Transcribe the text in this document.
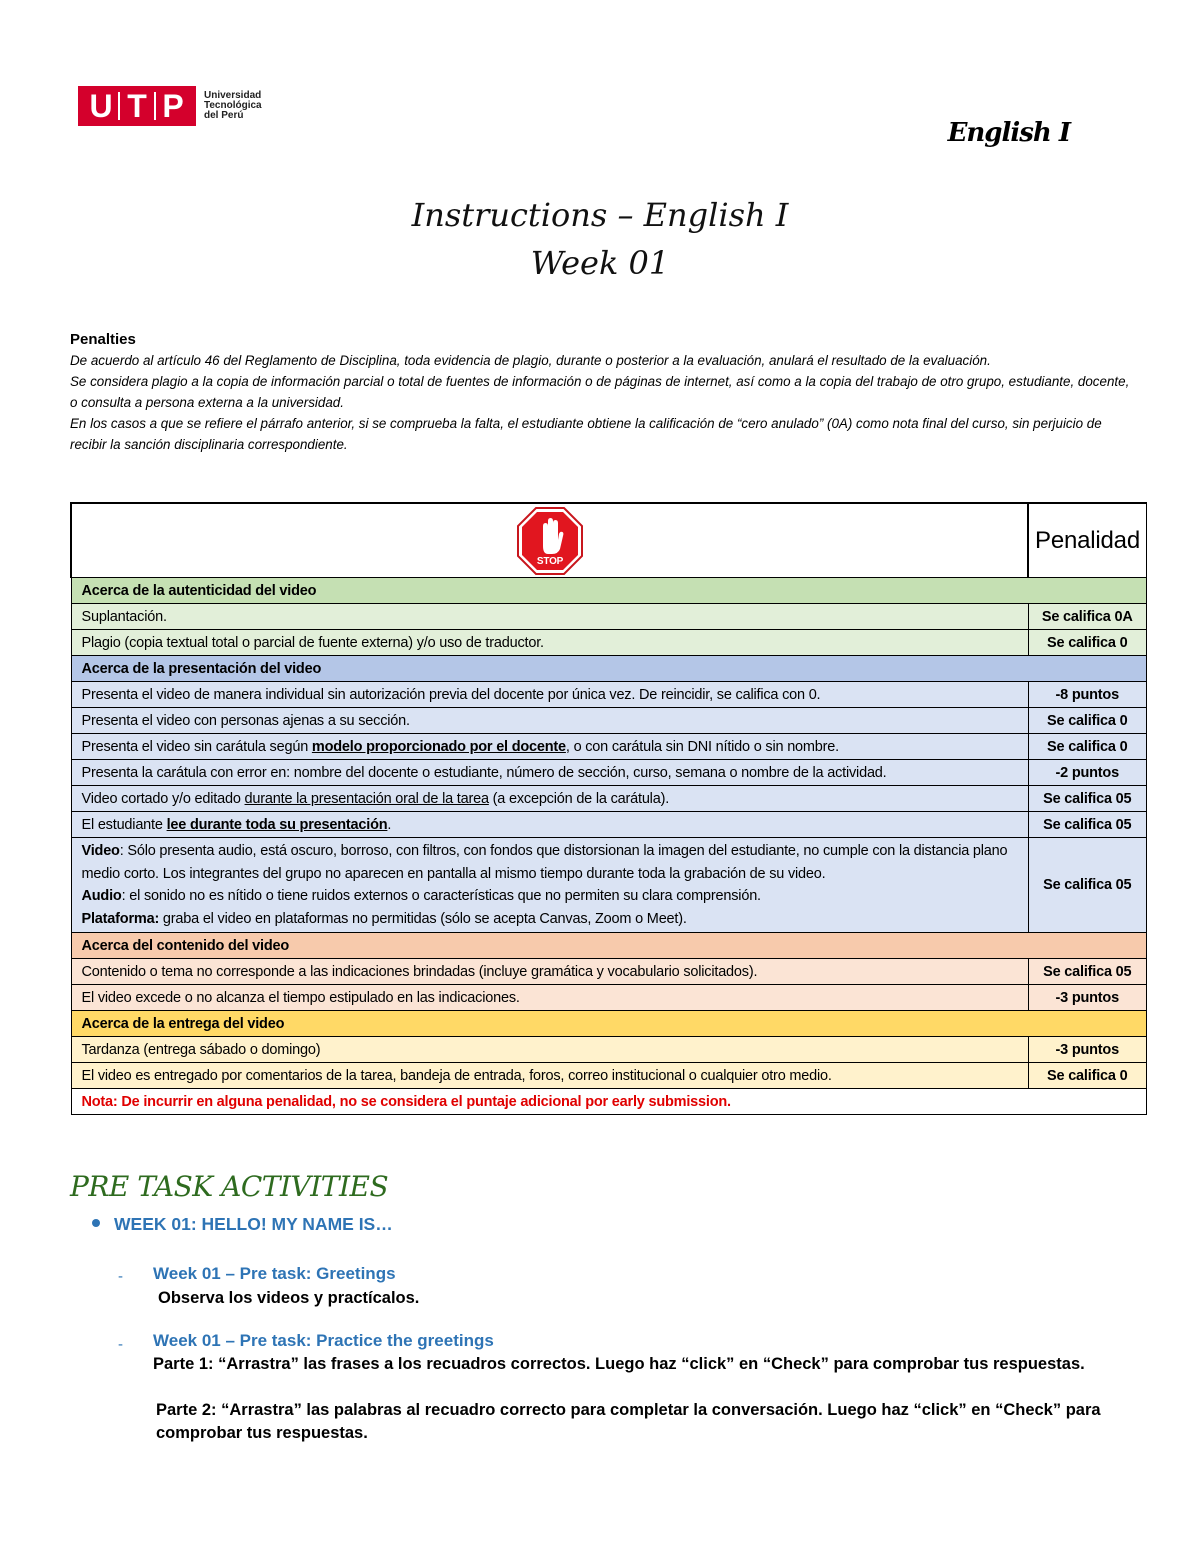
U T P	Universidad
Tecnológica
del Perú
English I
Instructions – English I
Week 01
Penalties
De acuerdo al artículo 46 del Reglamento de Disciplina, toda evidencia de plagio, durante o posterior a la evaluación, anulará el resultado de la evaluación.
Se considera plagio a la copia de información parcial o total de fuentes de información o de páginas de internet, así como a la copia del trabajo de otro grupo, estudiante, docente, o consulta a persona externa a la universidad.
En los casos a que se refiere el párrafo anterior, si se comprueba la falta, el estudiante obtiene la calificación de “cero anulado” (0A) como nota final del curso, sin perjuicio de recibir la sanción disciplinaria correspondiente.
STOP	Penalidad
Acerca de la autenticidad del video	
Suplantación.	Se califica 0A
Plagio (copia textual total o parcial de fuente externa) y/o uso de traductor.	Se califica 0
Acerca de la presentación del video	
Presenta el video de manera individual sin autorización previa del docente por única vez. De reincidir, se califica con 0.	-8 puntos
Presenta el video con personas ajenas a su sección.	Se califica 0
Presenta el video sin carátula según modelo proporcionado por el docente, o con carátula sin DNI nítido o sin nombre.	Se califica 0
Presenta la carátula con error en: nombre del docente o estudiante, número de sección, curso, semana o nombre de la actividad.	-2 puntos
Video cortado y/o editado durante la presentación oral de la tarea (a excepción de la carátula).	Se califica 05
El estudiante lee durante toda su presentación.	Se califica 05
Video: Sólo presenta audio, está oscuro, borroso, con filtros, con fondos que distorsionan la imagen del estudiante, no cumple con la distancia plano medio corto. Los integrantes del grupo no aparecen en pantalla al mismo tiempo durante toda la grabación de su video.
Audio: el sonido no es nítido o tiene ruidos externos o características que no permiten su clara comprensión.
Plataforma: graba el video en plataformas no permitidas (sólo se acepta Canvas, Zoom o Meet).	Se califica 05
Acerca del contenido del video	
Contenido o tema no corresponde a las indicaciones brindadas (incluye gramática y vocabulario solicitados).	Se califica 05
El video excede o no alcanza el tiempo estipulado en las indicaciones.	-3 puntos
Acerca de la entrega del video	
Tardanza (entrega sábado o domingo)	-3 puntos
El video es entregado por comentarios de la tarea, bandeja de entrada, foros, correo institucional o cualquier otro medio.	Se califica 0
Nota: De incurrir en alguna penalidad, no se considera el puntaje adicional por early submission.	
PRE TASK ACTIVITIES
WEEK 01: HELLO! MY NAME IS…
- Week 01 – Pre task: Greetings
Observa los videos y practícalos.
- Week 01 – Pre task: Practice the greetings
Parte 1: “Arrastra” las frases a los recuadros correctos. Luego haz “click” en “Check” para comprobar tus respuestas.
Parte 2: “Arrastra” las palabras al recuadro correcto para completar la conversación. Luego haz “click” en “Check” paracomprobar tus respuestas.
